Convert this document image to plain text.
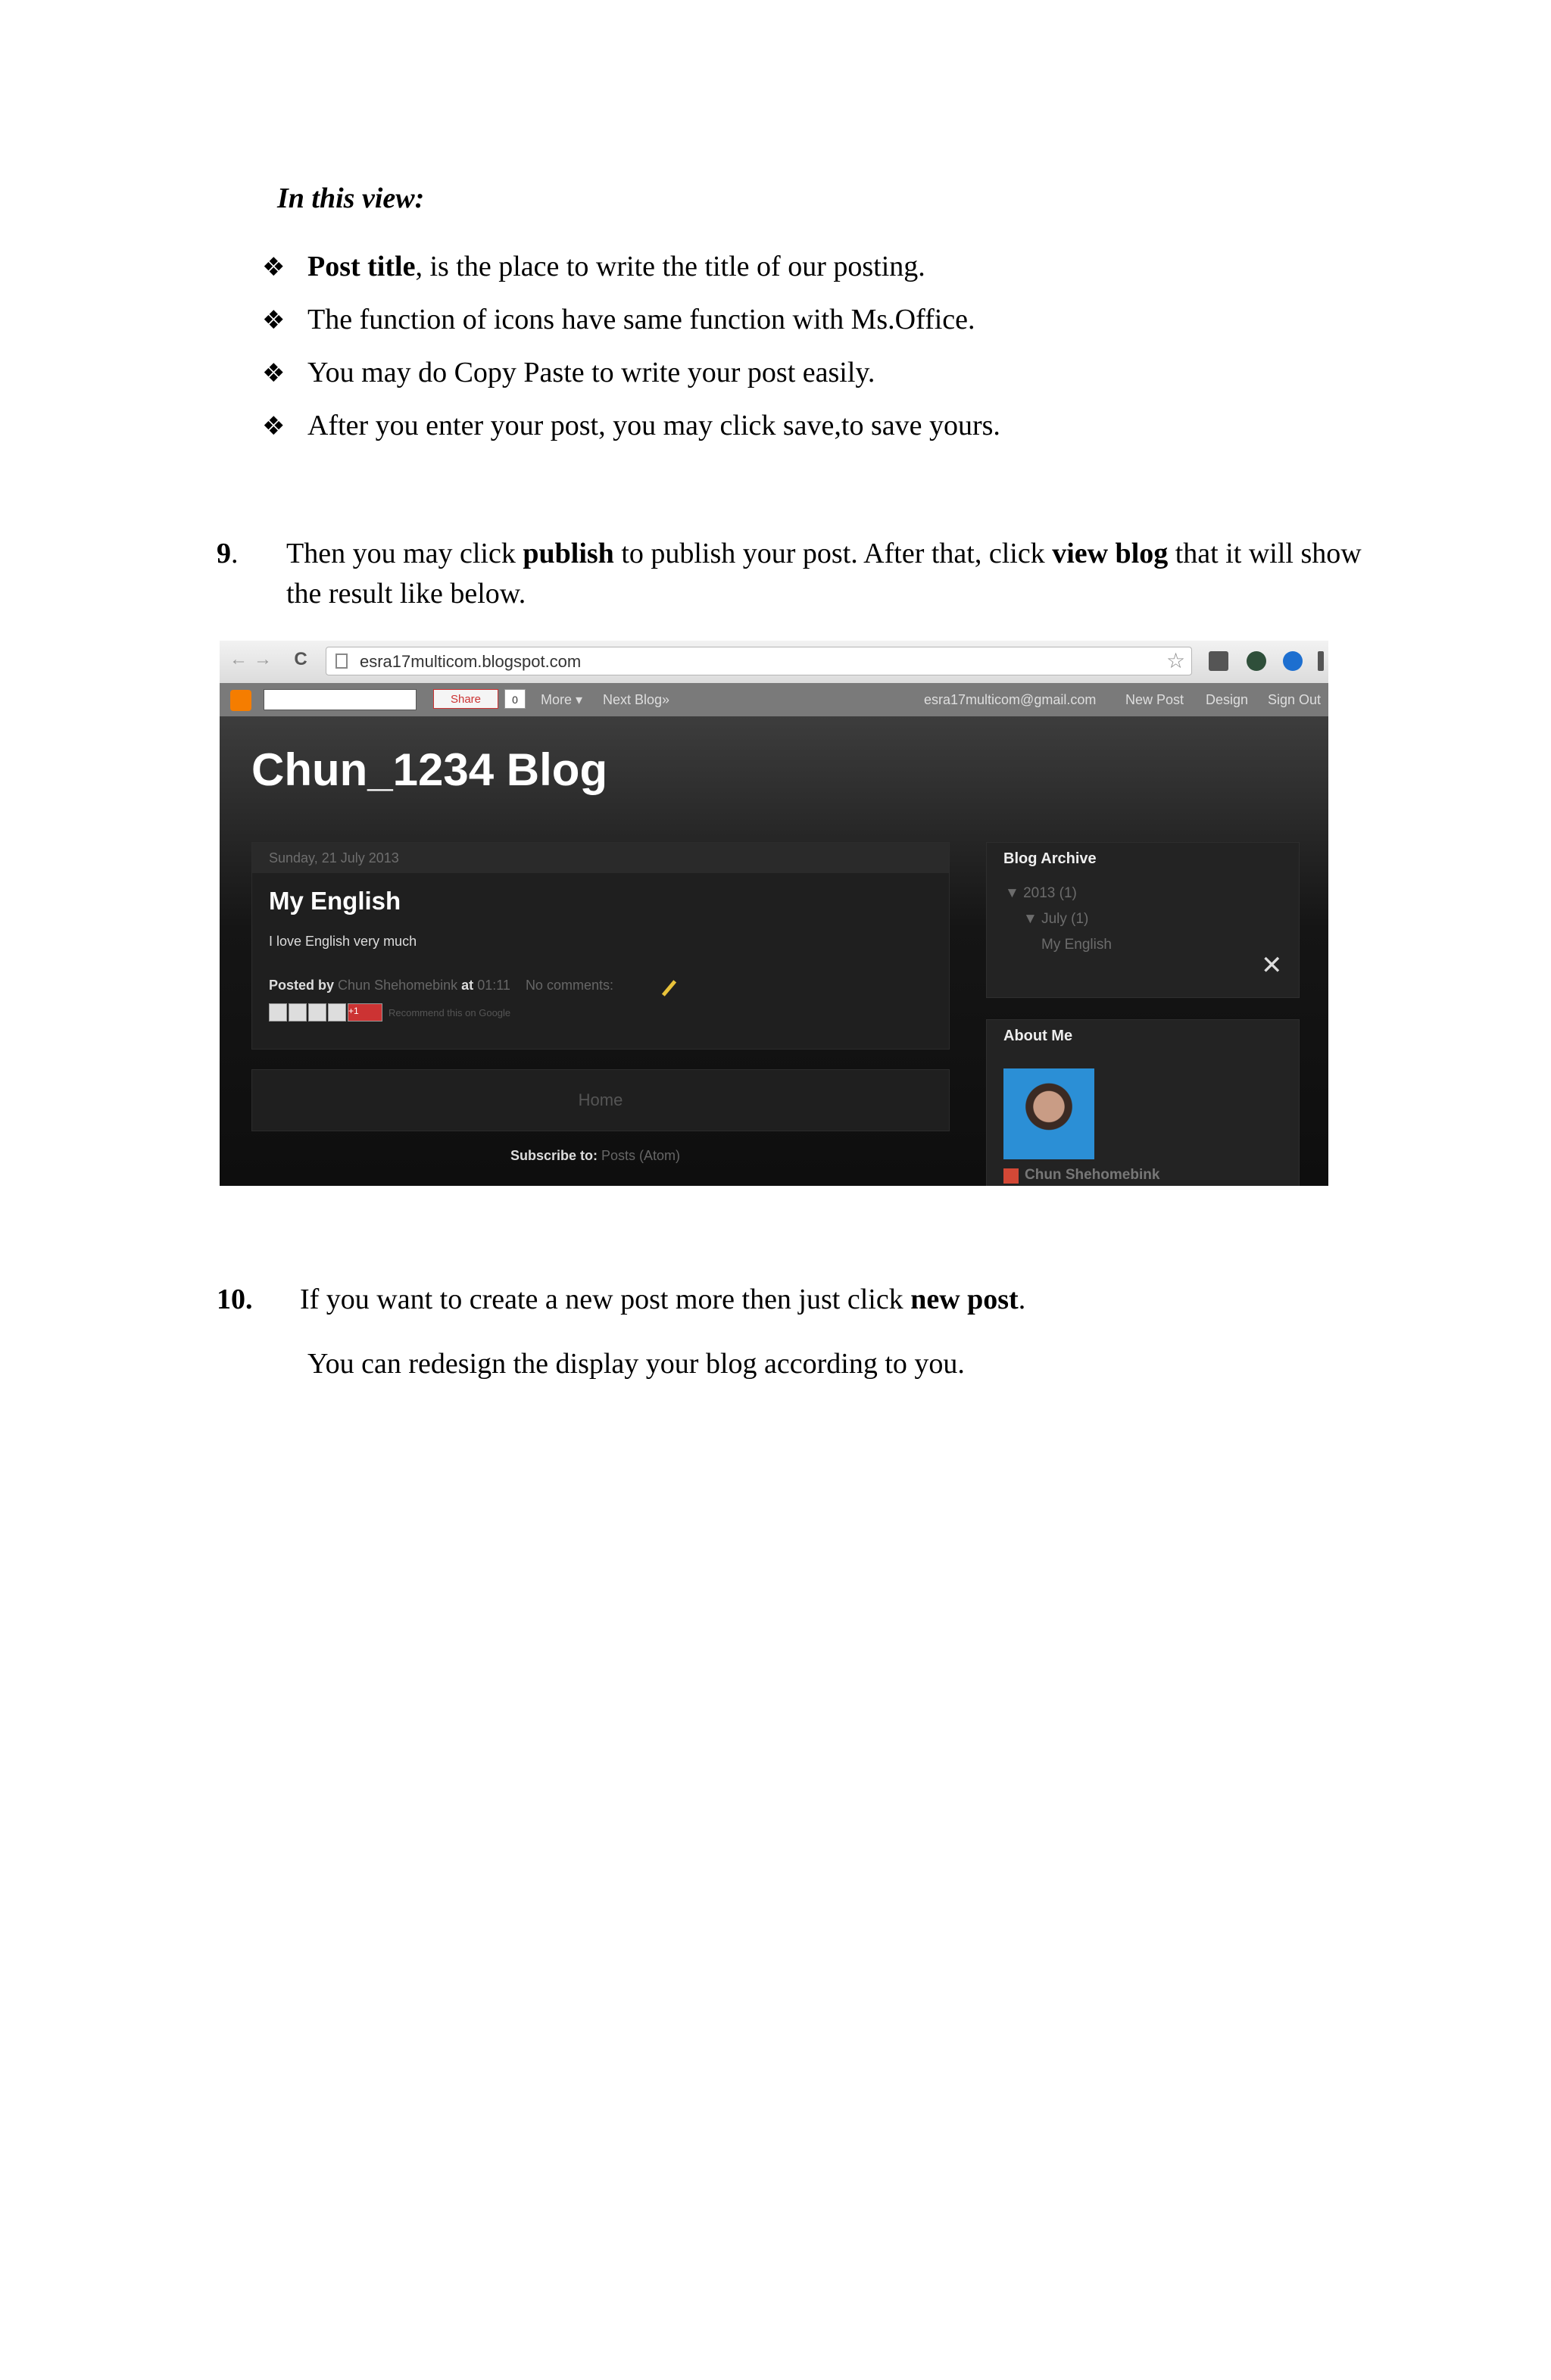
In this view:
❖ Post title, is the place to write the title of our posting.
❖ The function of icons have same function with Ms.Office.
❖ You may do Copy Paste to write your post easily.
❖ After you enter your post, you may click save,to save yours.
9. Then you may click publish to publish your post. After that, click view blog that it will show the result like below.
← → C	esra17multicom.blogspot.com	☆
Share	0	More ▾ Next Blog»	esra17multicom@gmail.com New Post Design Sign Out
Chun_1234 Blog
Sunday, 21 July 2013
My English
I love English very much
Posted by Chun Shehomebink at 01:11 No comments:
+1	Recommend this on Google
Home
Subscribe to: Posts (Atom)
Blog Archive
▼ 2013 (1)
▼ July (1)
My English
✕
About Me
Chun Shehomebink
10. If you want to create a new post more then just click new post.
You can redesign the display your blog according to you.
